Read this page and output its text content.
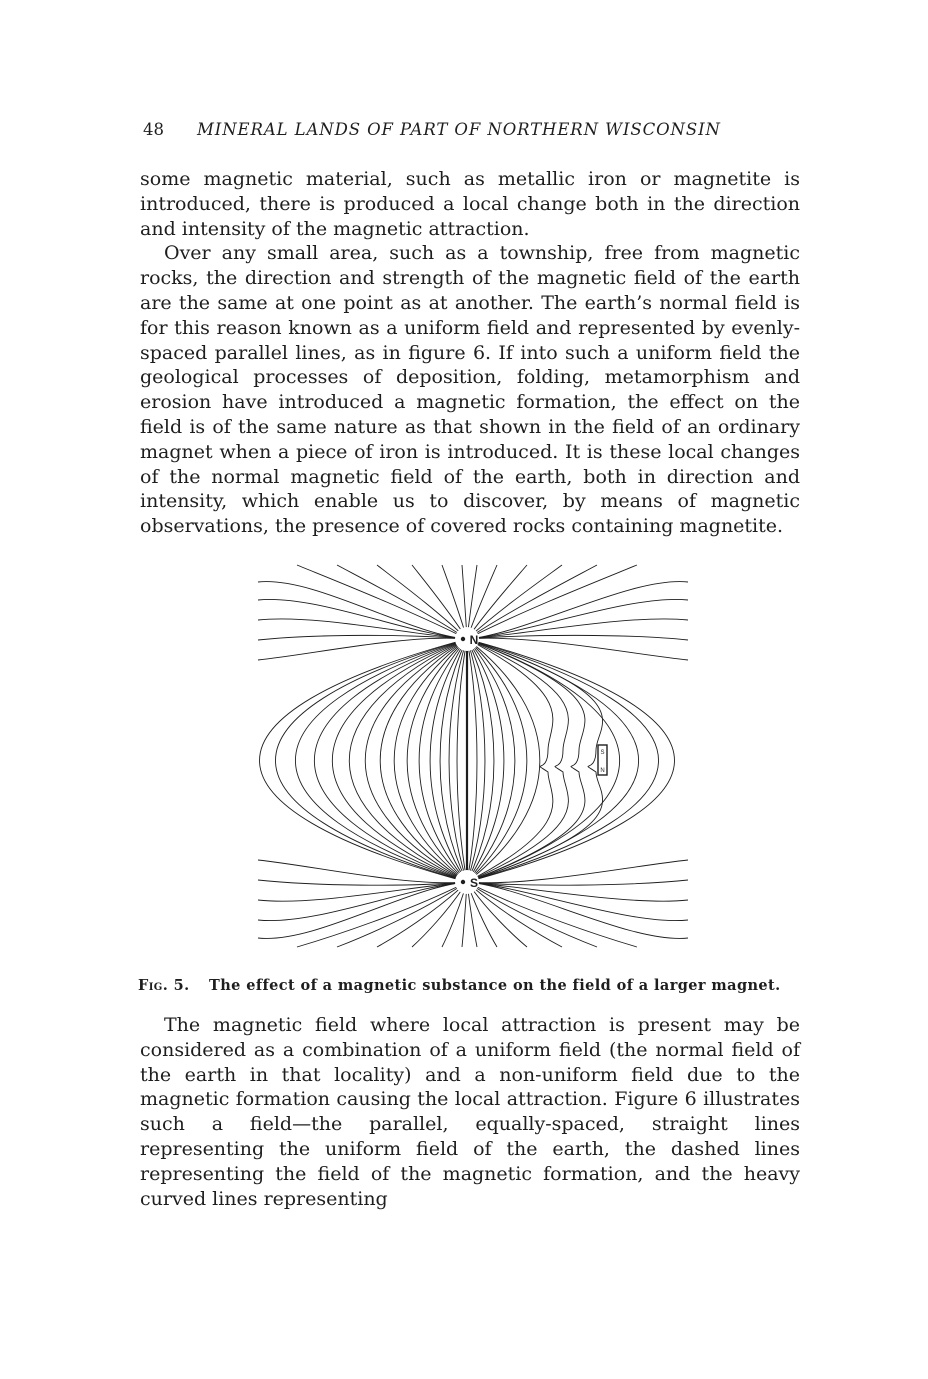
48 MINERAL LANDS OF PART OF NORTHERN WISCONSIN

some magnetic material, such as metallic iron or magnetite is introduced, there is produced a local change both in the direction and intensity of the magnetic attraction.

Over any small area, such as a township, free from magnetic rocks, the direction and strength of the magnetic field of the earth are the same at one point as at another. The earth’s normal field is for this reason known as a uniform field and represented by evenly-spaced parallel lines, as in figure 6. If into such a uniform field the geological processes of deposition, folding, metamorphism and erosion have introduced a magnetic formation, the effect on the field is of the same nature as that shown in the field of an ordinary magnet when a piece of iron is introduced. It is these local changes of the normal magnetic field of the earth, both in direction and intensity, which enable us to discover, by means of magnetic observations, the presence of covered rocks containing magnetite.

N
S
S
N
Fig. 5. The effect of a magnetic substance on the field of a larger magnet.

The magnetic field where local attraction is present may be considered as a combination of a uniform field (the normal field of the earth in that locality) and a non-uniform field due to the magnetic formation causing the local attraction. Figure 6 illustrates such a field—the parallel, equally-spaced, straight lines representing the uniform field of the earth, the dashed lines representing the field of the magnetic formation, and the heavy curved lines representing
